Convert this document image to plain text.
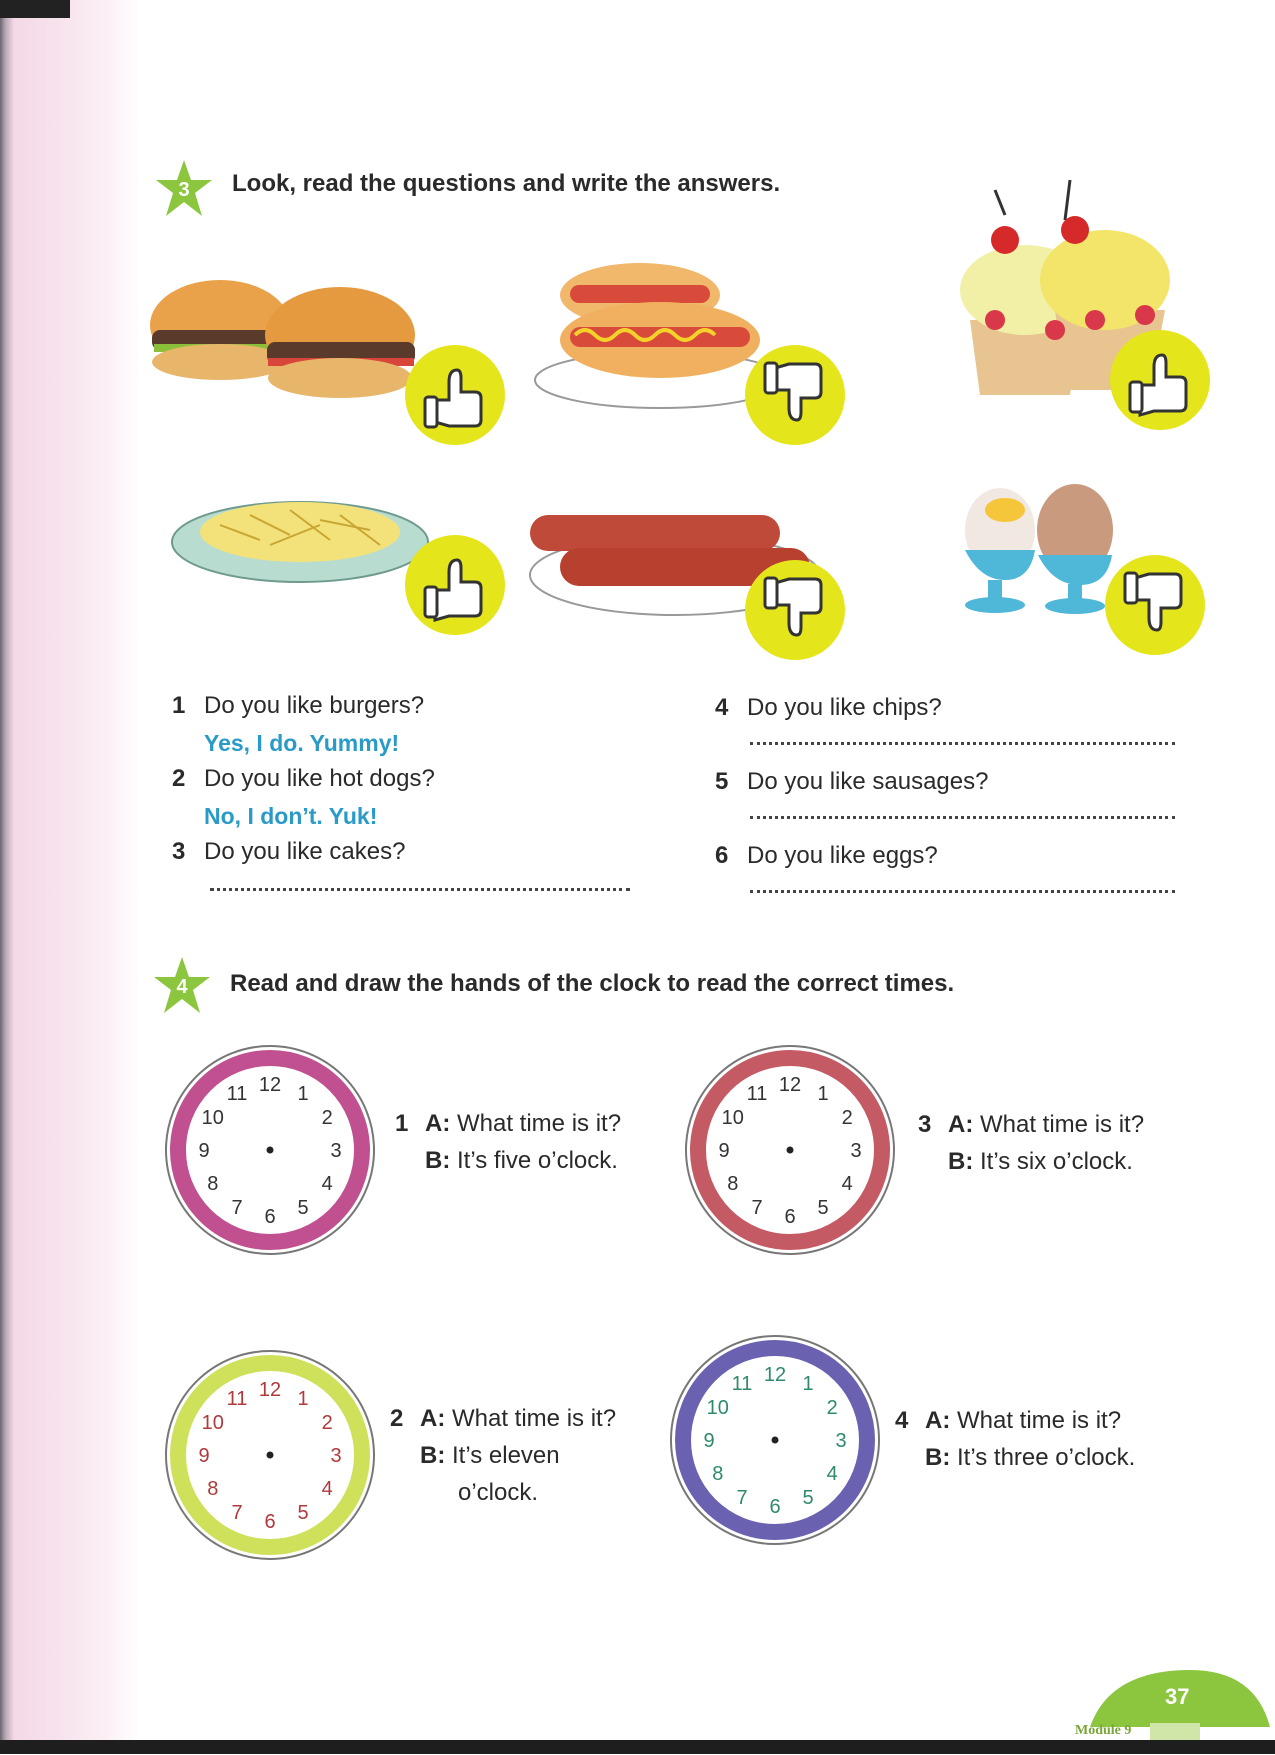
3	Look, read the questions and write the answers.
1 Do you like burgers?
Yes, I do. Yummy!
2 Do you like hot dogs?
No, I don’t. Yuk!
3 Do you like cakes?
4 Do you like chips?
5 Do you like sausages?
6 Do you like eggs?
4	Read and draw the hands of the clock to read the correct times.
12 1
2
3
4
5
6
7
8
9
10
11
12 1
2
3
4
5
6
7
8
9
10
11
12 1
2
3
4
5
6
7
8
9
10
11
12 1
2
3
4
5
6
7
8
9
10
11
1 A: What time is it?
B: It’s five o’clock.
2 A: What time is it?
B: It’s eleven
o’clock.
3 A: What time is it?
B: It’s six o’clock.
4 A: What time is it?
B: It’s three o’clock.
37
Module 9
